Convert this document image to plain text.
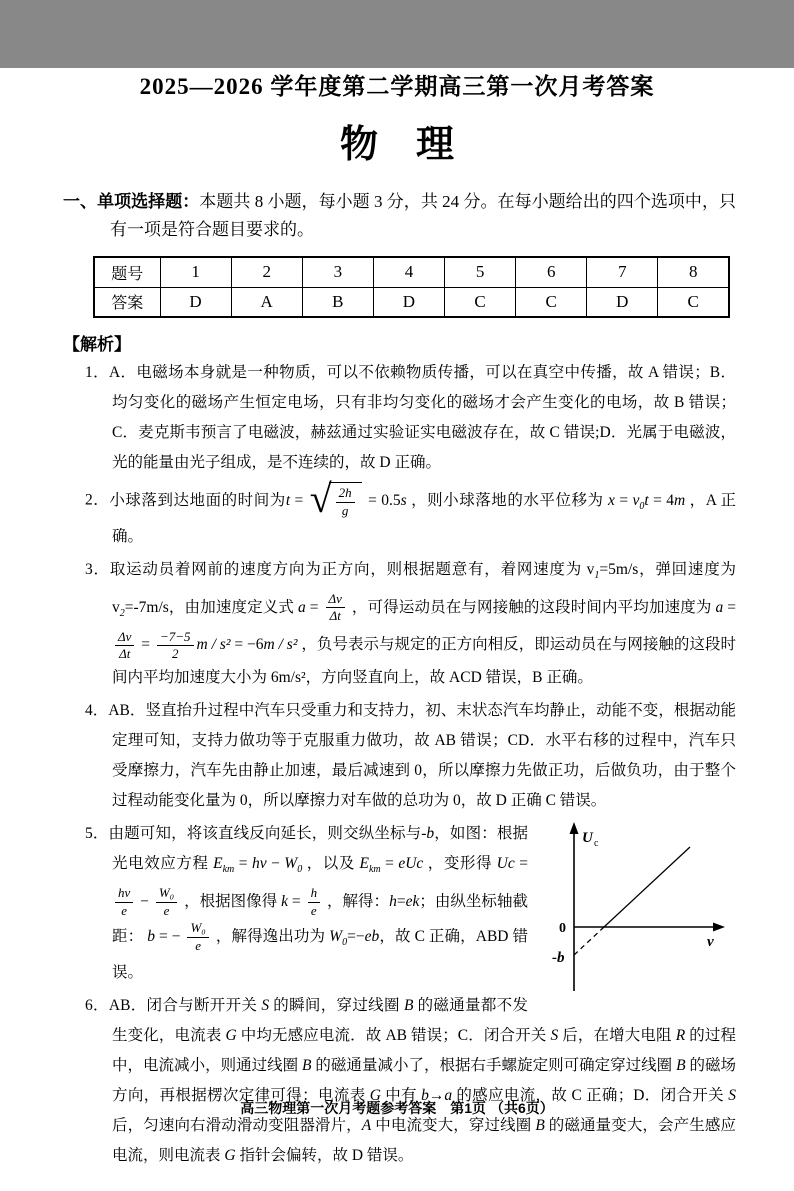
2025—2026 学年度第二学期高三第一次月考答案
物　理

一、单项选择题：本题共 8 小题，每小题 3 分，共 24 分。在每小题给出的四个选项中，只有一项是符合题目要求的。

题号	1	2	3	4	5	6	7	8
答案	D	A	B	D	C	C	D	C
【解析】
1．A．电磁场本身就是一种物质，可以不依赖物质传播，可以在真空中传播，故 A 错误；B．均匀变化的磁场产生恒定电场，只有非均匀变化的磁场才会产生变化的电场，故 B 错误；C．麦克斯韦预言了电磁波，赫兹通过实验证实电磁波存在，故 C 错误;D．光属于电磁波，光的能量由光子组成，是不连续的，故 D 正确。
2．小球落到达地面的时间为t = √ $\frac{2h}{g} = 0.5s$ ，则小球落地的水平位移为 $x = v_0t = 4m$ ，A 正确。
3．取运动员着网前的速度方向为正方向，则根据题意有，着网速度为 $v_1=5m/s$，弹回速度为 $v_2=-7m/s$，由加速度定义式 $a = \frac{\Delta v}{\Delta t}$ ，可得运动员在与网接触的这段时间内平均加速度为 a =
$\frac{\Delta v}{\Delta t} = \frac{-7-5}{2}$ m / s² = −6m / s² ，负号表示与规定的正方向相反，即运动员在与网接触的这段时间内平均加速度大小为 6m/s²，方向竖直向上，故 ACD 错误，B 正确。
4．AB．竖直抬升过程中汽车只受重力和支持力，初、末状态汽车均静止，动能不变，根据动能定理可知，支持力做功等于克服重力做功，故 AB 错误；CD．水平右移的过程中，汽车只受摩擦力，汽车先由静止加速，最后减速到 0，所以摩擦力先做正功，后做负功，由于整个过程动能变化量为 0，所以摩擦力对车做的总功为 0，故 D 正确 C 错误。
U c
v
0
-b
5．由题可知，将该直线反向延长，则交纵坐标与-b，如图：根据光电效应方程 $E_{km}$ = hv − $W_0$ ，以及 $E_{km}$ = eUc ，变形得 Uc =
$\frac{hv}{e} - \frac{\text{W₀}}{e}$ ，根据图像得 $k = \frac{h}{e}$ ，解得：h=ek；由纵坐标轴截距： b = − $\frac{\text{W₀}}{e}$ ，解得逸出功为 $W_0=-eb$，故 C 正确，ABD 错误。
6．AB．闭合与断开开关 S 的瞬间，穿过线圈 B 的磁通量都不发生变化，电流表 G 中均无感应电流．故 AB 错误；C．闭合开关 S 后，在增大电阻 R 的过程中，电流减小，则通过线圈 B 的磁通量减小了，根据右手螺旋定则可确定穿过线圈 B 的磁场方向，再根据楞次定律可得：电流表 G 中有 b→a 的感应电流，故 C 正确；D．闭合开关 S 后，匀速向右滑动滑动变阻器滑片，A 中电流变大，穿过线圈 B 的磁通量变大，会产生感应电流，则电流表 G 指针会偏转，故 D 错误。
高三物理第一次月考题参考答案　第1页 （共6页）
